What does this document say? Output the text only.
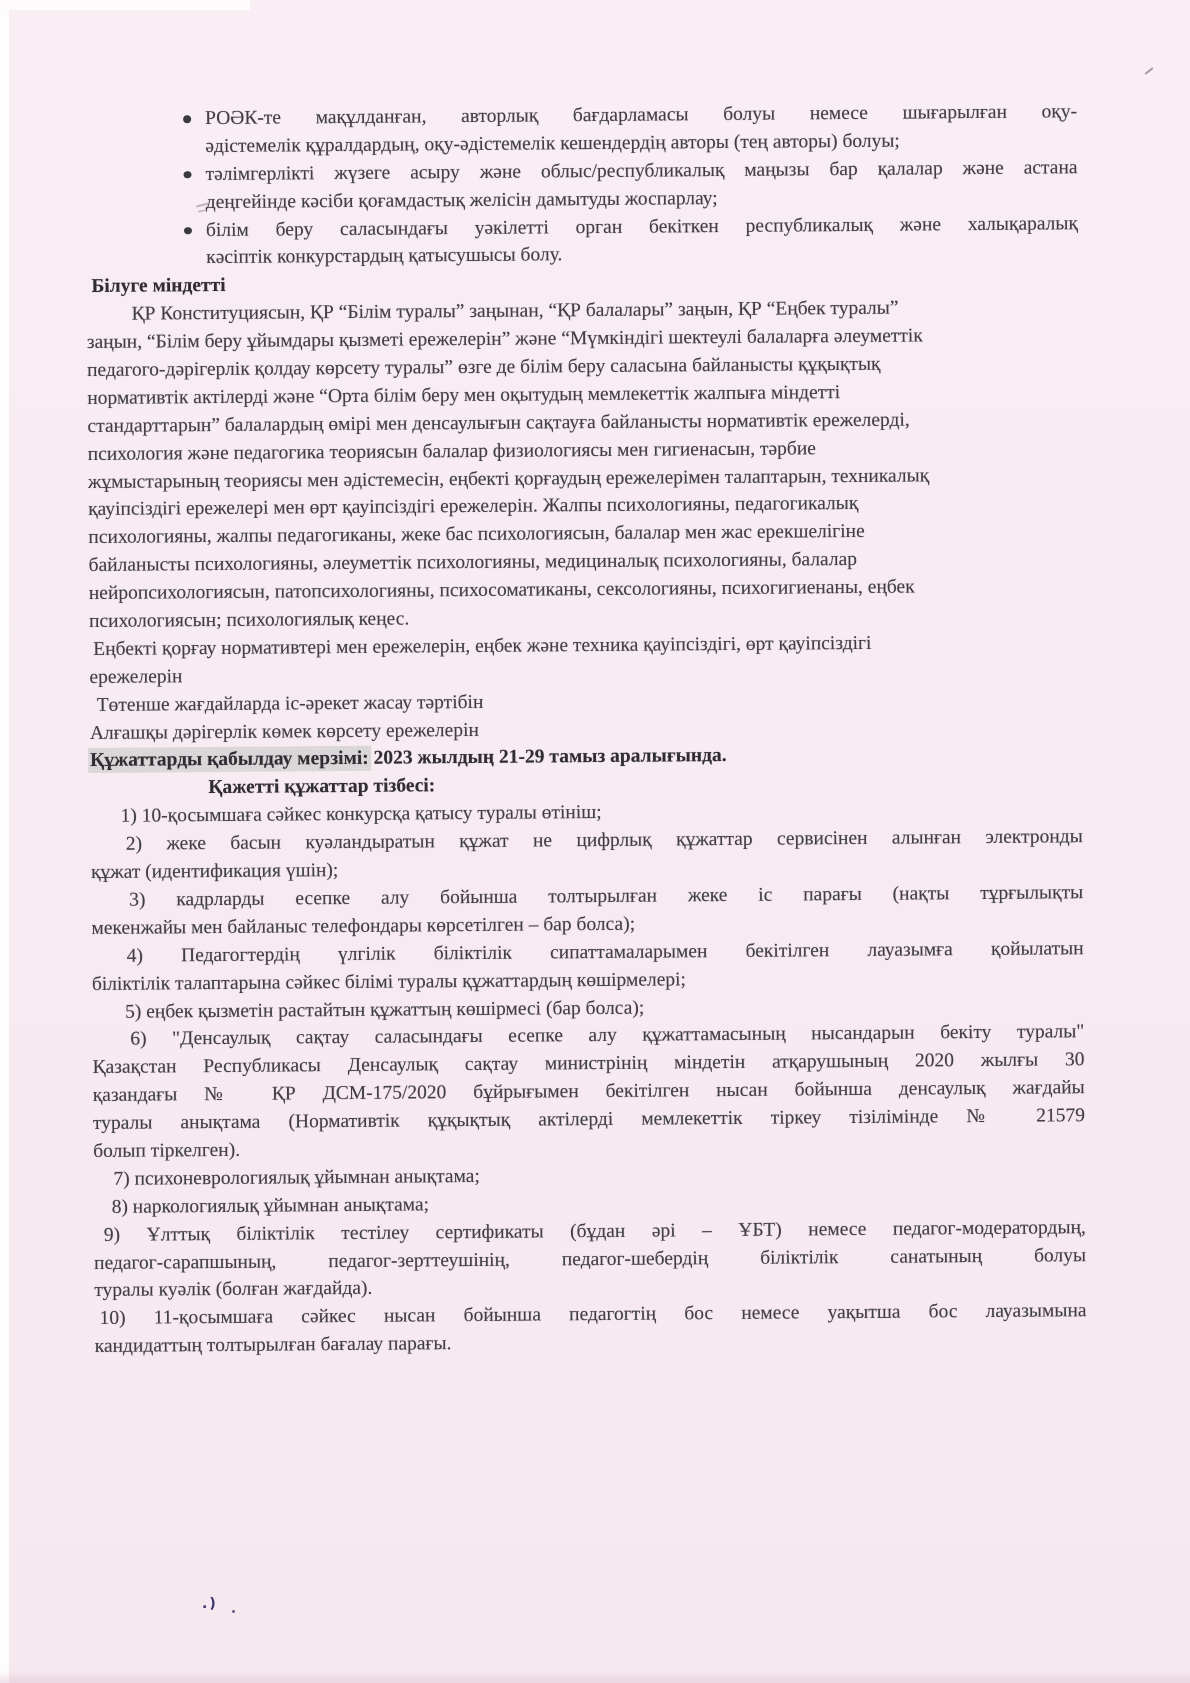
РОӘК-те мақұлданған, авторлық бағдарламасы болуы немесе шығарылған оқу-
әдістемелік құралдардың, оқу-әдістемелік кешендердің авторы (тең авторы) болуы;
тәлімгерлікті жүзеге асыру және облыс/республикалық маңызы бар қалалар және астана
деңгейінде кәсіби қоғамдастық желісін дамытуды жоспарлау;
білім беру саласындағы уәкілетті орган бекіткен республикалық және халықаралық
кәсіптік конкурстардың қатысушысы болу.
Білуге міндетті
ҚР Конституциясын, ҚР “Білім туралы” заңынан, “ҚР балалары” заңын, ҚР “Еңбек туралы”
заңын, “Білім беру ұйымдары қызметі ережелерін” және “Мүмкіндігі шектеулі балаларға әлеуметтік
педагого-дәрігерлік қолдау көрсету туралы” өзге де білім беру саласына байланысты құқықтық
нормативтік актілерді және “Орта білім беру мен оқытудың мемлекеттік жалпыға міндетті
стандарттарын” балалардың өмірі мен денсаулығын сақтауға байланысты нормативтік ережелерді,
психология және педагогика теориясын балалар физиологиясы мен гигиенасын, тәрбие
жұмыстарының теориясы мен әдістемесін, еңбекті қорғаудың ережелерімен талаптарын, техникалық
қауіпсіздігі ережелері мен өрт қауіпсіздігі ережелерін. Жалпы психологияны, педагогикалық
психологияны, жалпы педагогиканы, жеке бас психологиясын, балалар мен жас ерекшелігіне
байланысты психологияны, әлеуметтік психологияны, медициналық психологияны, балалар
нейропсихологиясын, патопсихологияны, психосоматиканы, сексологияны, психогигиенаны, еңбек
психологиясын; психологиялық кеңес.
Еңбекті қорғау нормативтері мен ережелерін, еңбек және техника қауіпсіздігі, өрт қауіпсіздігі
ережелерін
Төтенше жағдайларда іс-әрекет жасау тәртібін
Алғашқы дәрігерлік көмек көрсету ережелерін
Құжаттарды қабылдау мерзімі: 2023 жылдың 21-29 тамыз аралығында.
Қажетті құжаттар тізбесі:
1) 10-қосымшаға сәйкес конкурсқа қатысу туралы өтініш;
2) жеке басын куәландыратын құжат не цифрлық құжаттар сервисінен алынған электронды
құжат (идентификация үшін);
3) кадрларды есепке алу бойынша толтырылған жеке іс парағы (нақты тұрғылықты
мекенжайы мен байланыс телефондары көрсетілген – бар болса);
4) Педагогтердің үлгілік біліктілік сипаттамаларымен бекітілген лауазымға қойылатын
біліктілік талаптарына сәйкес білімі туралы құжаттардың көшірмелері;
5) еңбек қызметін растайтын құжаттың көшірмесі (бар болса);
6) "Денсаулық сақтау саласындағы есепке алу құжаттамасының нысандарын бекіту туралы"
Қазақстан Республикасы Денсаулық сақтау министрінің міндетін атқарушының 2020 жылғы 30
қазандағы № ҚР ДСМ-175/2020 бұйрығымен бекітілген нысан бойынша денсаулық жағдайы
туралы анықтама (Нормативтік құқықтық актілерді мемлекеттік тіркеу тізілімінде № 21579
болып тіркелген).
7) психоневрологиялық ұйымнан анықтама;
8) наркологиялық ұйымнан анықтама;
9) Ұлттық біліктілік тестілеу сертификаты (бұдан әрі – ҰБТ) немесе педагог-модератордың,
педагог-сарапшының, педагог-зерттеушінің, педагог-шебердің біліктілік санатының болуы
туралы куәлік (болған жағдайда).
10) 11-қосымшаға сәйкес нысан бойынша педагогтің бос немесе уақытша бос лауазымына
кандидаттың толтырылған бағалау парағы.
.)
